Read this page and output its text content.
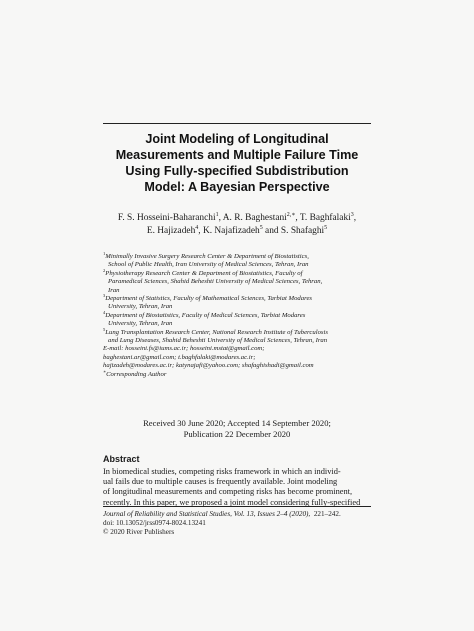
Joint Modeling of Longitudinal
Measurements and Multiple Failure Time
Using Fully-specified Subdistribution
Model: A Bayesian Perspective
F. S. Hosseini-Baharanchi$^1$, A. R. Baghestani$^{2,∗}$, T. Baghfalaki$^3$,
E. Hajizadeh$^4$, K. Najafizadeh$^5$ and S. Shafaghi$^5$
$^1$Minimally Invasive Surgery Research Center & Department of Biostatistics,
School of Public Health, Iran University of Medical Sciences, Tehran, Iran
$^2$Physiotherapy Research Center & Department of Biostatistics, Faculty of
Paramedical Sciences, Shahid Beheshti University of Medical Sciences, Tehran,
Iran
$^3$Department of Statistics, Faculty of Mathematical Sciences, Tarbiat Modares
University, Tehran, Iran
$^4$Department of Biostatistics, Faculty of Medical Sciences, Tarbiat Modares
University, Tehran, Iran
$^5$Lung Transplantation Research Center, National Research Institute of Tuberculosis
and Lung Diseases, Shahid Beheshti University of Medical Sciences, Tehran, Iran
E-mail: hosseini.fs@iums.ac.ir; hosseini.mstat@gmail.com;
baghestani.ar@gmail.com; t.baghfalaki@modares.ac.ir;
hajizadeh@modares.ac.ir; katynajafi@yahoo.com; shafaghishadi@gmail.com
∗Corresponding Author
Received 30 June 2020; Accepted 14 September 2020;
Publication 22 December 2020
Abstract
In biomedical studies, competing risks framework in which an individ-
ual fails due to multiple causes is frequently available. Joint modeling
of longitudinal measurements and competing risks has become prominent,
recently. In this paper, we proposed a joint model considering fully-specified
Journal of Reliability and Statistical Studies, Vol. 13, Issues 2–4 (2020), 221–242.
doi: 10.13052/jrss0974-8024.13241
© 2020 River Publishers
